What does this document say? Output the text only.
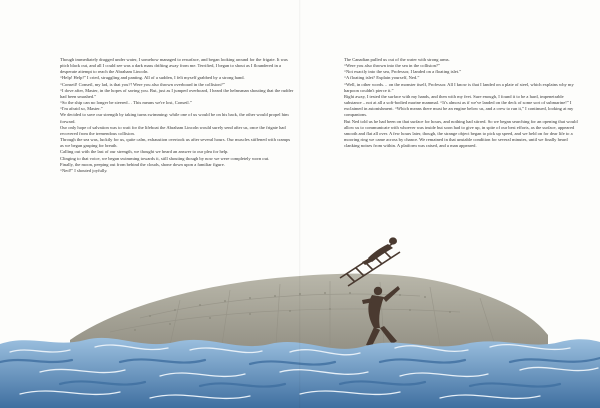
Though immediately dragged under water, I somehow managed to resurface, and began looking around for the frigate. It was pitch black out, and all I could see was a dark mass drifting away from me. Terrified, I began to shout as I floundered in a desperate attempt to reach the Abraham Lincoln.

“Help! Help!” I cried, struggling and panting. All of a sudden, I felt myself grabbed by a strong hand.

“Conseil! Conseil, my lad, is that you?! Were you also thrown overboard in the collision?”

“I dove after, Master, in the hopes of saving you. But, just as I jumped overboard, I heard the helmsman shouting that the rudder had been smashed.”

“So the ship can no longer be steered… This means we're lost, Conseil.”

“I'm afraid so, Master.”

We decided to save our strength by taking turns swimming: while one of us would be on his back, the other would propel him forward.

Our only hope of salvation was to wait for the lifeboat the Abraham Lincoln would surely send after us, once the frigate had recovered from the tremendous collision.

Through the sea was, luckily for us, quite calm, exhaustion overtook us after several hours. Our muscles stiffened with cramps as we began gasping for breath.

Calling out with the last of our strength, we thought we heard an answer to our plea for help.

Clinging to that voice, we began swimming towards it, still shouting though by now we were completely worn out.

Finally, the moon, peeping out from behind the clouds, shone down upon a familiar figure.

“Ned!” I shouted joyfully.

The Canadian pulled us out of the water with strong arms.

“Were you also thrown into the sea in the collision?”

“Not exactly into the sea, Professor, I landed on a floating islet.”

“A floating islet? Explain yourself, Ned.”

“Well, in other words… on the monster itself, Professor. All I know is that I landed on a plate of steel, which explains why my harpoon couldn't pierce it.”

Right away, I tested the surface with my hands, and then with my feet. Sure enough, I found it to be a hard, impenetrable substance – not at all a soft-bodied marine mammal. “It's almost as if we've landed on the deck of some sort of submarine!” I exclaimed in astonishment. “Which means there must be an engine below us, and a crew to run it,” I continued, looking at my companions.

But Ned told us he had been on that surface for hours, and nothing had stirred. So we began searching for an opening that would allow us to communicate with whoever was inside but soon had to give up, in spite of our best efforts, as the surface, appeared smooth and flat all over. A few hours later, though, the strange object began to pick up speed, and we held on for dear life to a mooring ring we came across by chance. We remained in that unstable condition for several minutes, until we finally heard clanking noises from within. A platform was raised, and a man appeared.
